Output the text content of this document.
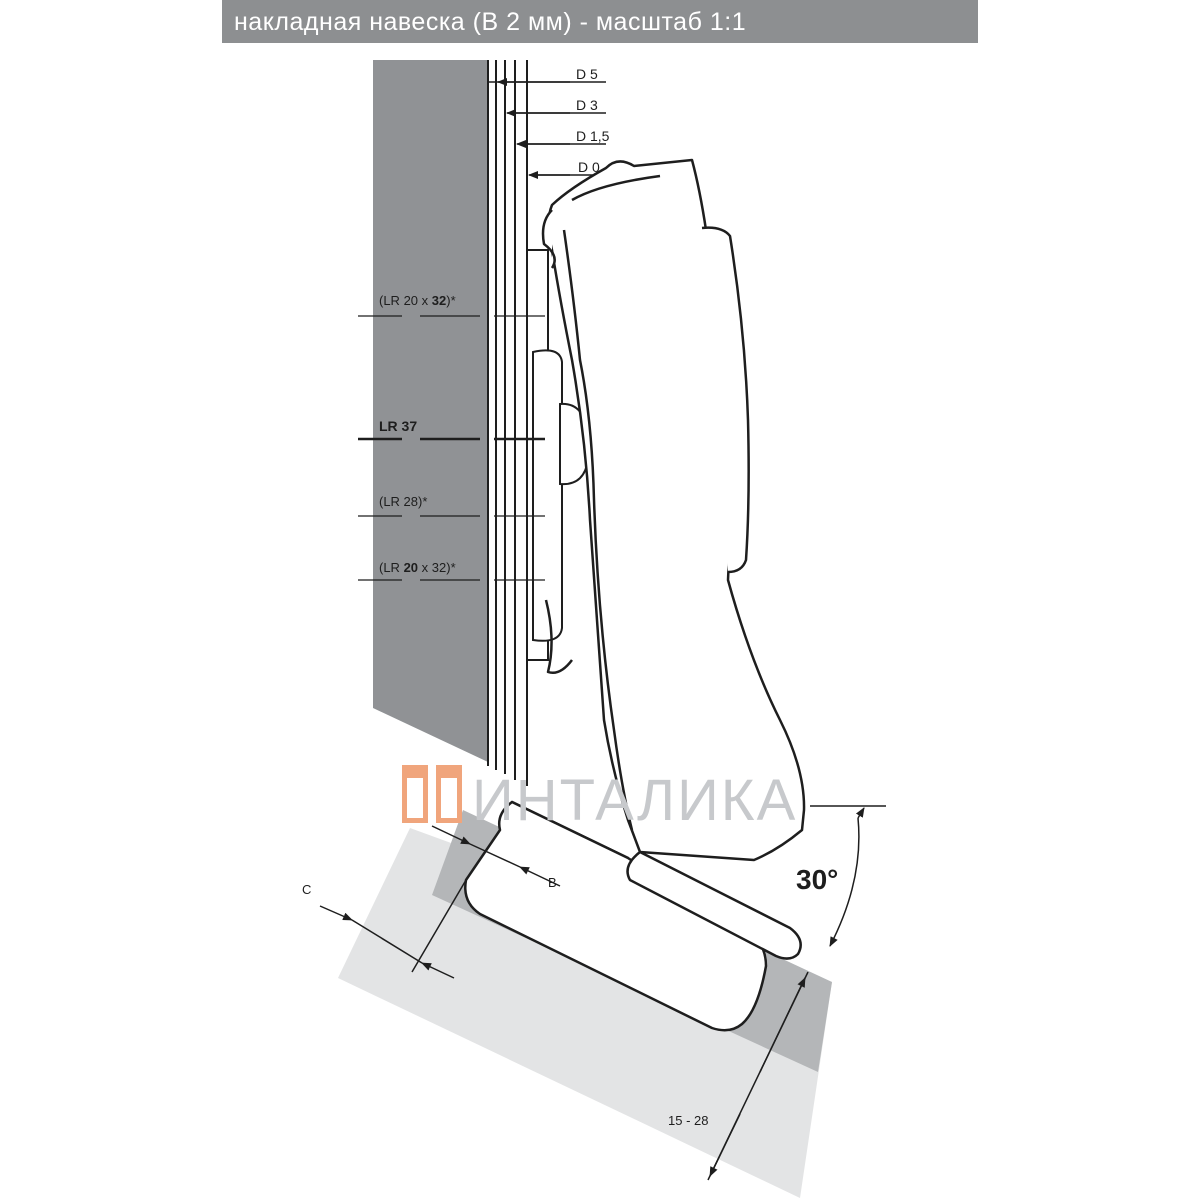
накладная навеска (B 2 мм) - масштаб 1:1
D 5
D 3
D 1,5
D 0
(LR 20 x 32)*
LR 37
(LR 28)*
(LR 20 x 32)*
ИНТАЛИКА
B
C	30°
15 - 28
